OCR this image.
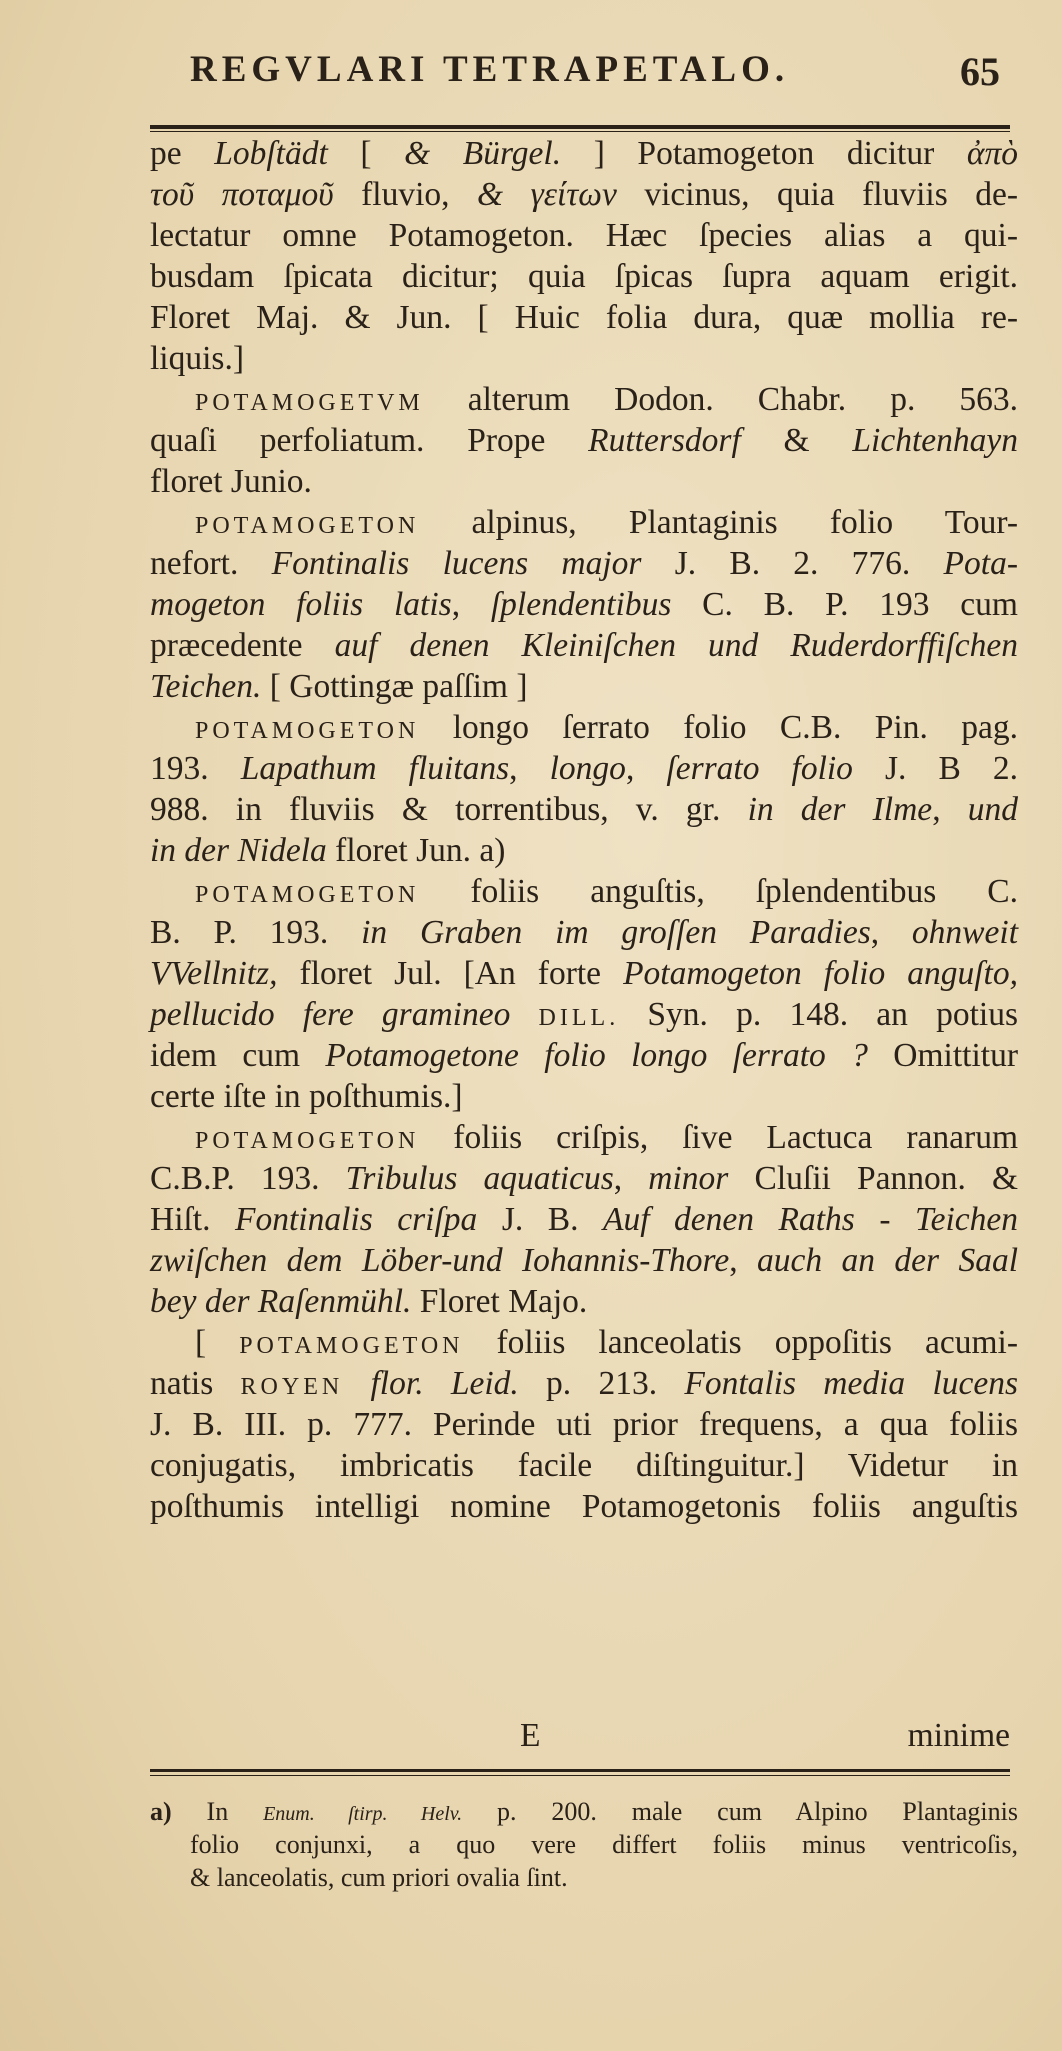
REGVLARI TETRAPETALO.	65
pe Lobſtädt [ & Bürgel. ] Potamogeton dicitur ἀπὸ
τοῦ ποταμοῦ fluvio, & γείτων vicinus, quia fluviis de-
lectatur omne Potamogeton. Hæc ſpecies alias a qui-
busdam ſpicata dicitur; quia ſpicas ſupra aquam erigit.
Floret Maj. & Jun. [ Huic folia dura, quæ mollia re-
liquis.]
POTAMOGETVM alterum Dodon. Chabr. p. 563.
quaſi perfoliatum. Prope Ruttersdorf & Lichtenhayn
floret Junio.
POTAMOGETON alpinus, Plantaginis folio Tour-
nefort. Fontinalis lucens major J. B. 2. 776. Pota-
mogeton foliis latis, ſplendentibus C. B. P. 193 cum
præcedente auf denen Kleiniſchen und Ruderdorffiſchen
Teichen. [ Gottingæ paſſim ]
POTAMOGETON longo ſerrato folio C.B. Pin. pag.
193. Lapathum fluitans, longo, ſerrato folio J. B 2.
988. in fluviis & torrentibus, v. gr. in der Ilme, und
in der Nidela floret Jun. a)
POTAMOGETON foliis anguſtis, ſplendentibus C.
B. P. 193. in Graben im groſſen Paradies, ohnweit
VVellnitz, floret Jul. [An forte Potamogeton folio anguſto,
pellucido fere gramineo DILL. Syn. p. 148. an potius
idem cum Potamogetone folio longo ſerrato ? Omittitur
certe iſte in poſthumis.]
POTAMOGETON foliis criſpis, ſive Lactuca ranarum
C.B.P. 193. Tribulus aquaticus, minor Cluſii Pannon. &
Hiſt. Fontinalis criſpa J. B. Auf denen Raths - Teichen
zwiſchen dem Löber-und Iohannis-Thore, auch an der Saal
bey der Raſenmühl. Floret Majo.
[ POTAMOGETON foliis lanceolatis oppoſitis acumi-
natis ROYEN flor. Leid. p. 213. Fontalis media lucens
J. B. III. p. 777. Perinde uti prior frequens, a qua foliis
conjugatis, imbricatis facile diſtinguitur.] Videtur in
poſthumis intelligi nomine Potamogetonis foliis anguſtis
E	minime
a) In Enum. ſtirp. Helv. p. 200. male cum Alpino Plantaginis
folio conjunxi, a quo vere differt foliis minus ventricoſis,
& lanceolatis, cum priori ovalia ſint.
